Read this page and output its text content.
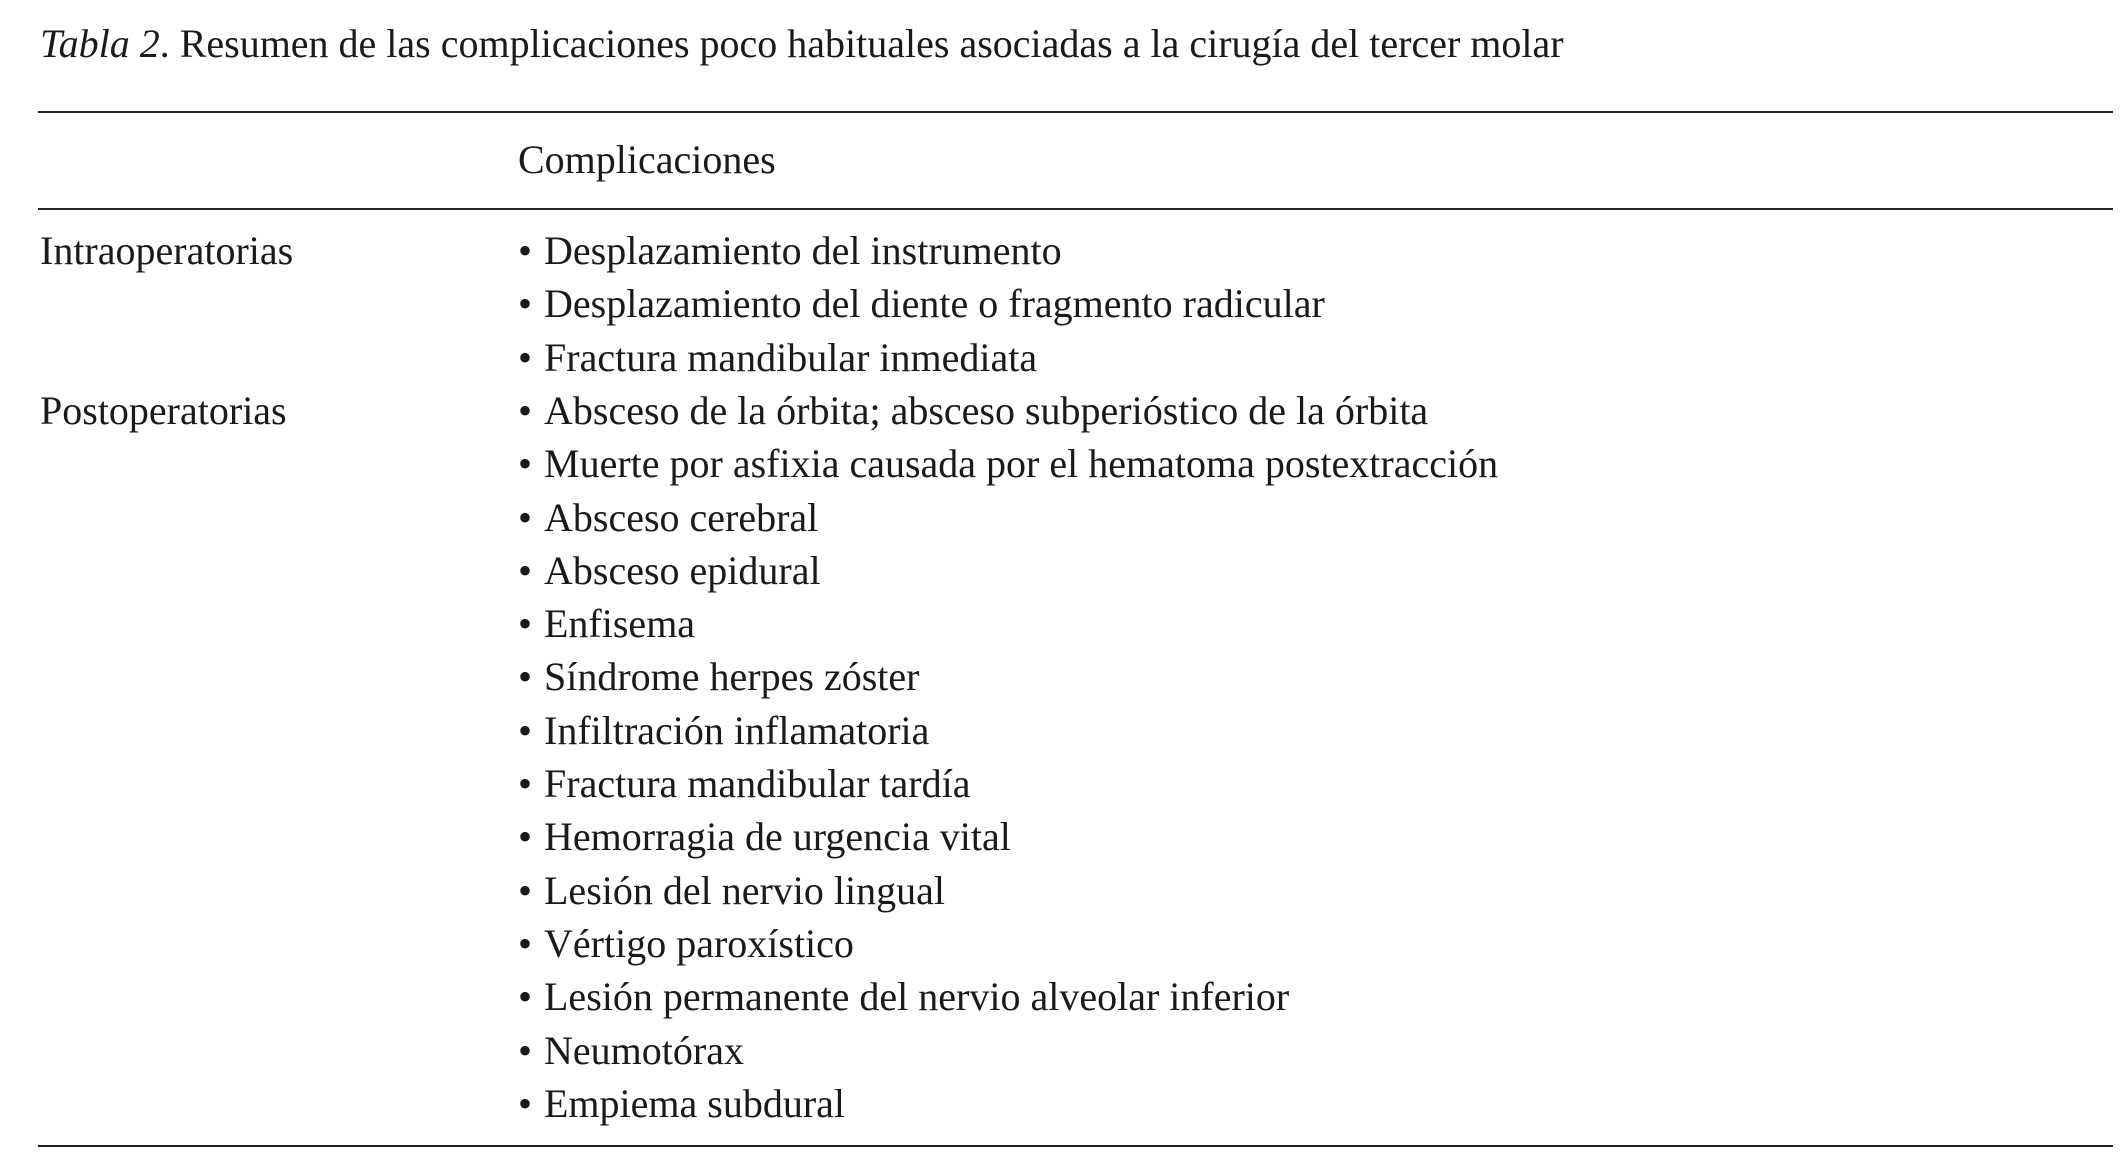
Tabla 2. Resumen de las complicaciones poco habituales asociadas a la cirugía del tercer molar
Complicaciones
Intraoperatorias	• Desplazamiento del instrumento
• Desplazamiento del diente o fragmento radicular
• Fractura mandibular inmediata
Postoperatorias	• Absceso de la órbita; absceso subperióstico de la órbita
• Muerte por asfixia causada por el hematoma postextracción
• Absceso cerebral
• Absceso epidural
• Enfisema
• Síndrome herpes zóster
• Infiltración inflamatoria
• Fractura mandibular tardía
• Hemorragia de urgencia vital
• Lesión del nervio lingual
• Vértigo paroxístico
• Lesión permanente del nervio alveolar inferior
• Neumotórax
• Empiema subdural
